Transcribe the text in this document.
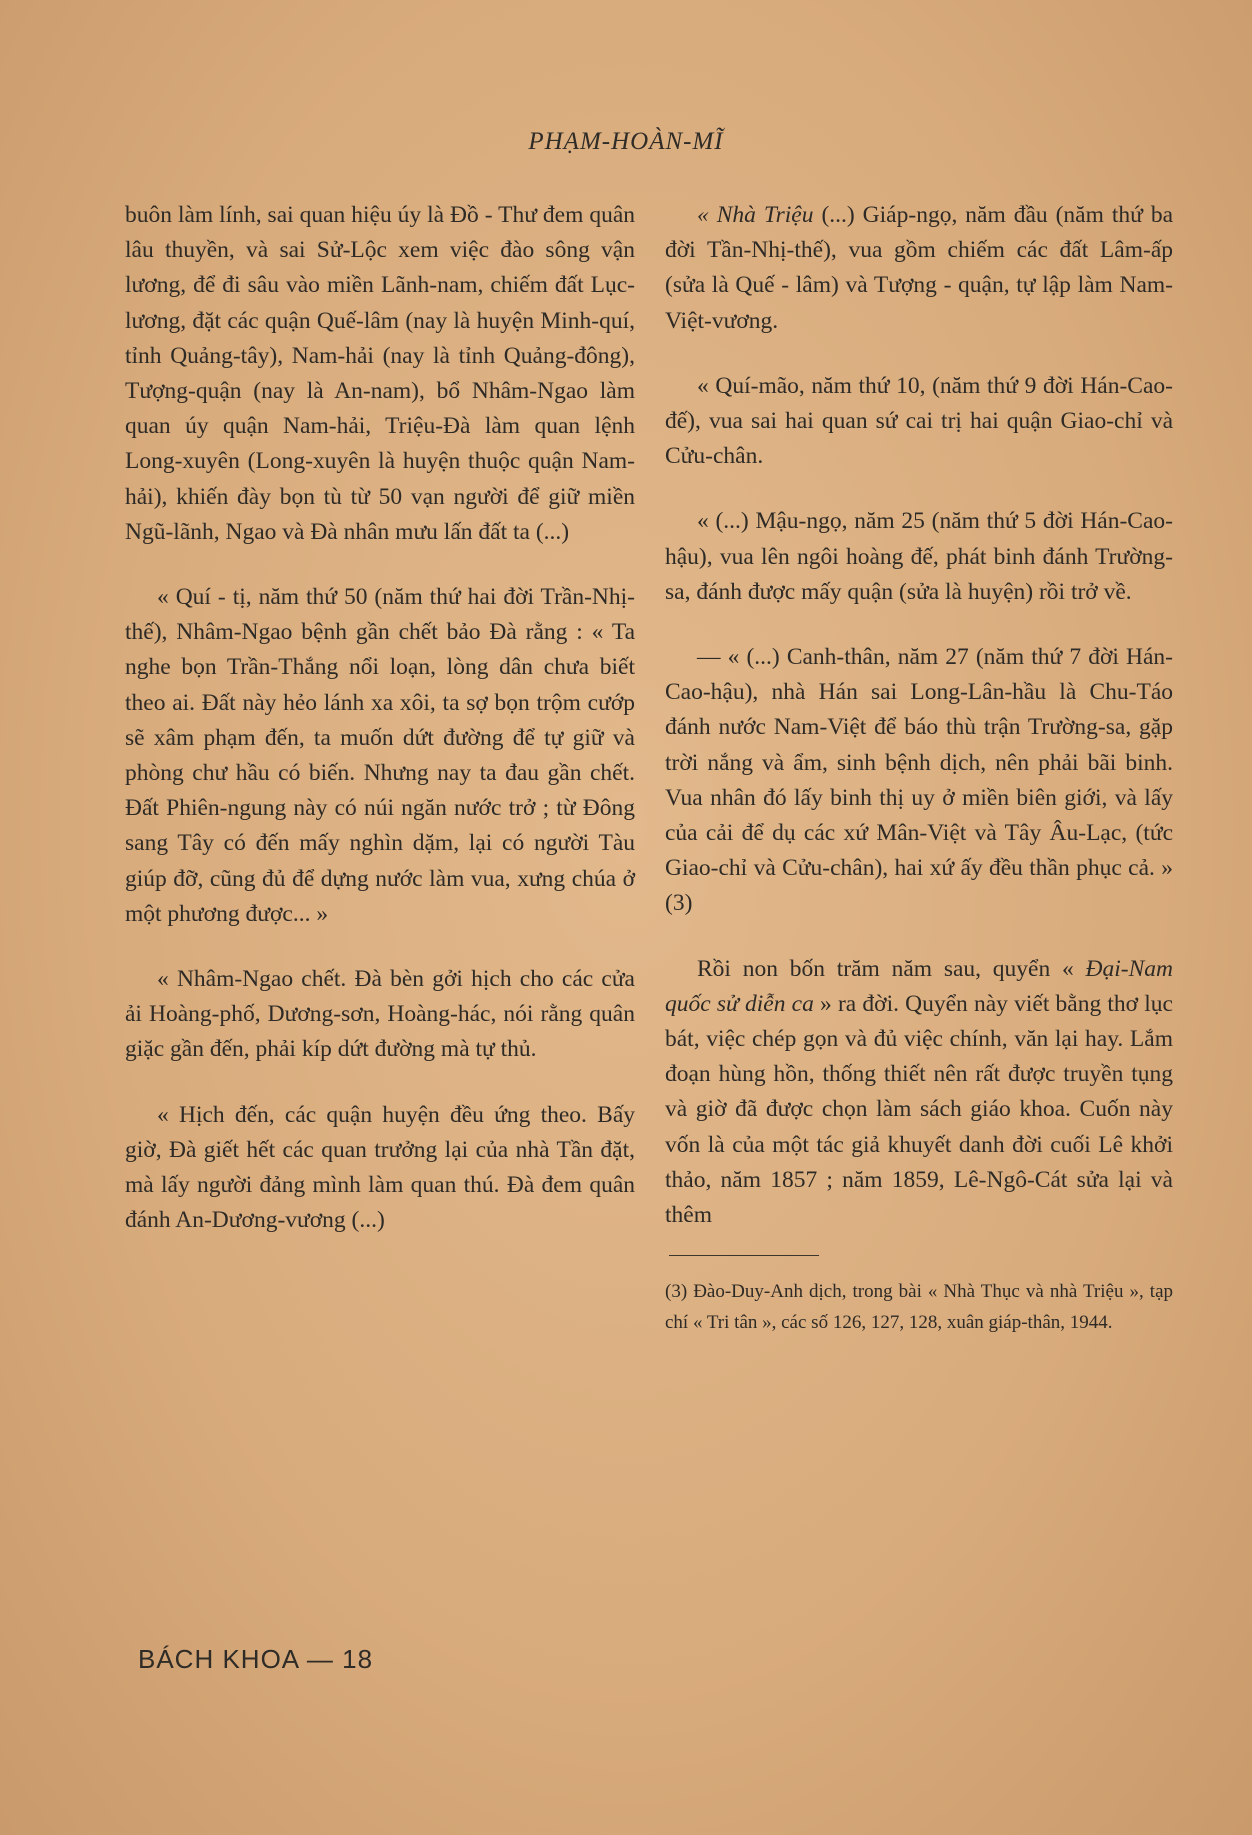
PHẠM-HOÀN-MĨ

buôn làm lính, sai quan hiệu úy là Đồ - Thư đem quân lâu thuyền, và sai Sử-Lộc xem việc đào sông vận lương, để đi sâu vào miền Lãnh-nam, chiếm đất Lục-lương, đặt các quận Quế-lâm (nay là huyện Minh-quí, tỉnh Quảng-tây), Nam-hải (nay là tỉnh Quảng-đông), Tượng-quận (nay là An-nam), bổ Nhâm-Ngao làm quan úy quận Nam-hải, Triệu-Đà làm quan lệnh Long-xuyên (Long-xuyên là huyện thuộc quận Nam-hải), khiến đày bọn tù từ 50 vạn người để giữ miền Ngũ-lãnh, Ngao và Đà nhân mưu lấn đất ta (...)

« Quí - tị, năm thứ 50 (năm thứ hai đời Trần-Nhị-thế), Nhâm-Ngao bệnh gần chết bảo Đà rằng : « Ta nghe bọn Trần-Thắng nổi loạn, lòng dân chưa biết theo ai. Đất này hẻo lánh xa xôi, ta sợ bọn trộm cướp sẽ xâm phạm đến, ta muốn dứt đường để tự giữ và phòng chư hầu có biến. Nhưng nay ta đau gần chết. Đất Phiên-ngung này có núi ngăn nước trở ; từ Đông sang Tây có đến mấy nghìn dặm, lại có người Tàu giúp đỡ, cũng đủ để dựng nước làm vua, xưng chúa ở một phương được... »

« Nhâm-Ngao chết. Đà bèn gởi hịch cho các cửa ải Hoàng-phố, Dương-sơn, Hoàng-hác, nói rằng quân giặc gần đến, phải kíp dứt đường mà tự thủ.

« Hịch đến, các quận huyện đều ứng theo. Bấy giờ, Đà giết hết các quan trưởng lại của nhà Tần đặt, mà lấy người đảng mình làm quan thú. Đà đem quân đánh An-Dương-vương (...)

« Nhà Triệu (...) Giáp-ngọ, năm đầu (năm thứ ba đời Tần-Nhị-thế), vua gồm chiếm các đất Lâm-ấp (sửa là Quế - lâm) và Tượng - quận, tự lập làm Nam-Việt-vương.

« Quí-mão, năm thứ 10, (năm thứ 9 đời Hán-Cao-đế), vua sai hai quan sứ cai trị hai quận Giao-chỉ và Cửu-chân.

« (...) Mậu-ngọ, năm 25 (năm thứ 5 đời Hán-Cao-hậu), vua lên ngôi hoàng đế, phát binh đánh Trường-sa, đánh được mấy quận (sửa là huyện) rồi trở về.

— « (...) Canh-thân, năm 27 (năm thứ 7 đời Hán-Cao-hậu), nhà Hán sai Long-Lân-hầu là Chu-Táo đánh nước Nam-Việt để báo thù trận Trường-sa, gặp trời nắng và ẩm, sinh bệnh dịch, nên phải bãi binh. Vua nhân đó lấy binh thị uy ở miền biên giới, và lấy của cải để dụ các xứ Mân-Việt và Tây Âu-Lạc, (tức Giao-chỉ và Cửu-chân), hai xứ ấy đều thần phục cả. » (3)

Rồi non bốn trăm năm sau, quyển « Đại-Nam quốc sử diễn ca » ra đời. Quyển này viết bằng thơ lục bát, việc chép gọn và đủ việc chính, văn lại hay. Lắm đoạn hùng hồn, thống thiết nên rất được truyền tụng và giờ đã được chọn làm sách giáo khoa. Cuốn này vốn là của một tác giả khuyết danh đời cuối Lê khởi thảo, năm 1857 ; năm 1859, Lê-Ngô-Cát sửa lại và thêm

(3) Đào-Duy-Anh dịch, trong bài « Nhà Thục và nhà Triệu », tạp chí « Tri tân », các số 126, 127, 128, xuân giáp-thân, 1944.

BÁCH KHOA — 18
